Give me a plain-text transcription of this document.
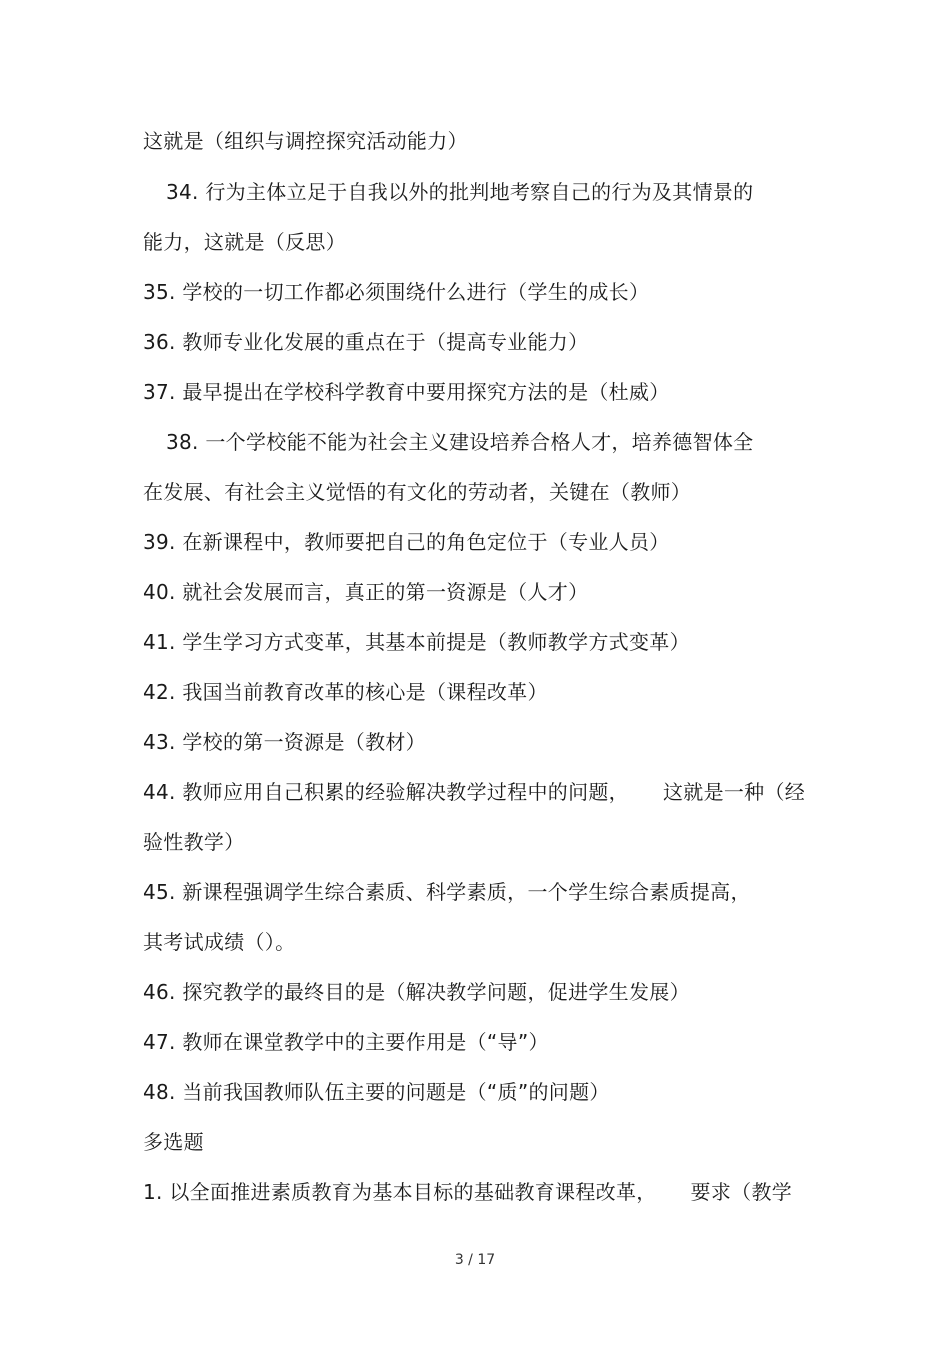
这就是（组织与调控探究活动能力）
34. 行为主体立足于自我以外的批判地考察自己的行为及其情景的
能力，这就是（反思）
35. 学校的一切工作都必须围绕什么进行（学生的成长）
36. 教师专业化发展的重点在于（提高专业能力）
37. 最早提出在学校科学教育中要用探究方法的是（杜威）
38. 一个学校能不能为社会主义建设培养合格人才，培养德智体全
在发展、有社会主义觉悟的有文化的劳动者，关键在（教师）
39. 在新课程中，教师要把自己的角色定位于（专业人员）
40. 就社会发展而言，真正的第一资源是（人才）
41. 学生学习方式变革，其基本前提是（教师教学方式变革）
42. 我国当前教育改革的核心是（课程改革）
43. 学校的第一资源是（教材）
44. 教师应用自己积累的经验解决教学过程中的问题， 这就是一种（经
验性教学）
45. 新课程强调学生综合素质、科学素质，一个学生综合素质提高，
其考试成绩（）。
46. 探究教学的最终目的是（解决教学问题，促进学生发展）
47. 教师在课堂教学中的主要作用是（“导”）
48. 当前我国教师队伍主要的问题是（“质”的问题）
多选题
1. 以全面推进素质教育为基本目标的基础教育课程改革， 要求（教学
3 / 17
